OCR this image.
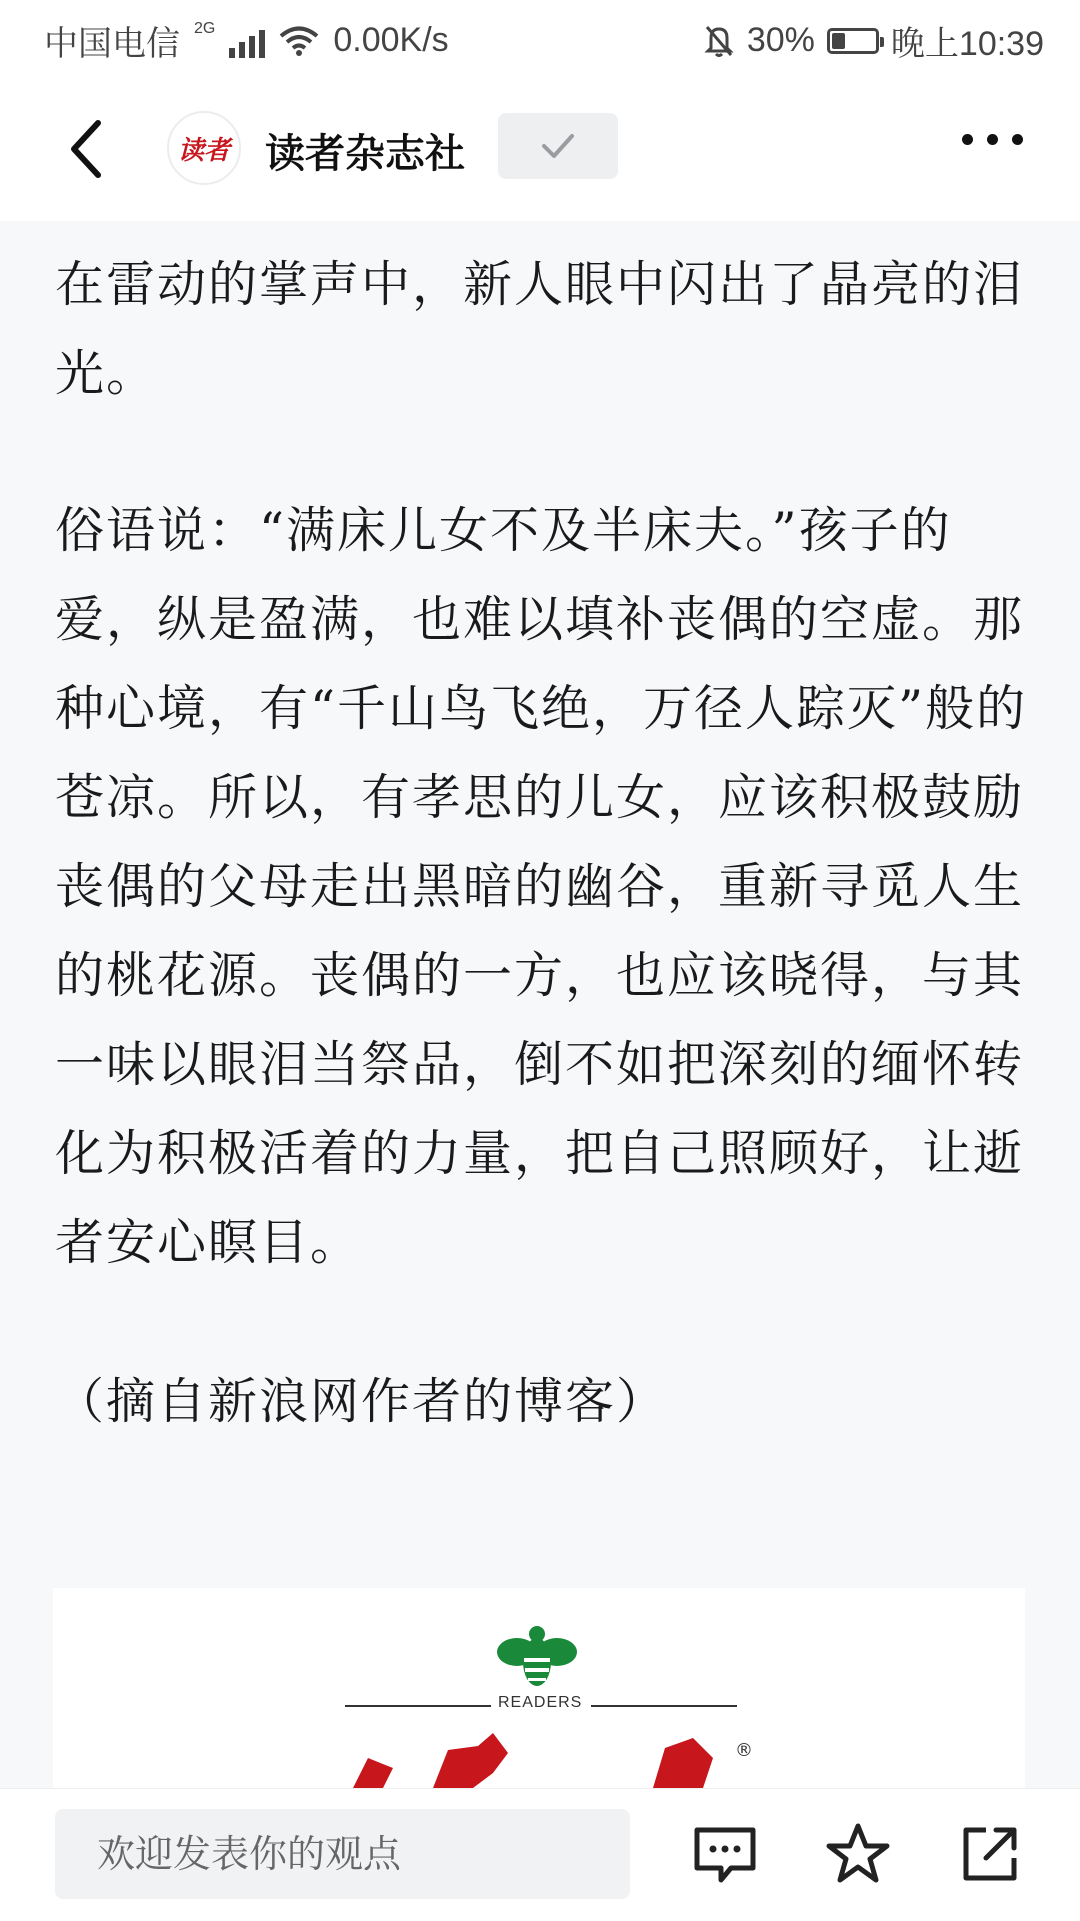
中国电信 2G	0.00K/s	30% 晚上10:39
读者 读者杂志社

在雷动的掌声中，新人眼中闪出了晶亮的泪光。

俗语说：“满床儿女不及半床夫。”孩子的爱，纵是盈满，也难以填补丧偶的空虚。那种心境，有“千山鸟飞绝，万径人踪灭”般的苍凉。所以，有孝思的儿女，应该积极鼓励丧偶的父母走出黑暗的幽谷，重新寻觅人生的桃花源。丧偶的一方，也应该晓得，与其一味以眼泪当祭品，倒不如把深刻的缅怀转化为积极活着的力量，把自己照顾好，让逝者安心瞑目。

（摘自新浪网作者的博客）

READERS
®
欢迎发表你的观点
